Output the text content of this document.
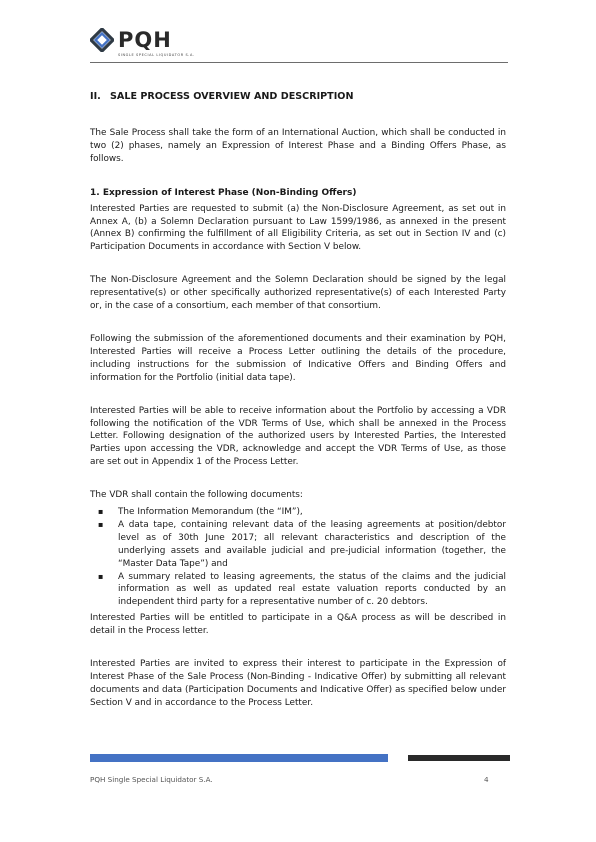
PQH
SINGLE SPECIAL LIQUIDATOR S.A.
II. SALE PROCESS OVERVIEW AND DESCRIPTION

The Sale Process shall take the form of an International Auction, which shall be conducted in two (2) phases, namely an Expression of Interest Phase and a Binding Offers Phase, as follows.

1. Expression of Interest Phase (Non-Binding Offers)

Interested Parties are requested to submit (a) the Non-Disclosure Agreement, as set out in Annex A, (b) a Solemn Declaration pursuant to Law 1599/1986, as annexed in the present (Annex B) confirming the fulfillment of all Eligibility Criteria, as set out in Section IV and (c) Participation Documents in accordance with Section V below.

The Non-Disclosure Agreement and the Solemn Declaration should be signed by the legal representative(s) or other specifically authorized representative(s) of each Interested Party or, in the case of a consortium, each member of that consortium.

Following the submission of the aforementioned documents and their examination by PQH, Interested Parties will receive a Process Letter outlining the details of the procedure, including instructions for the submission of Indicative Offers and Binding Offers and information for the Portfolio (initial data tape).

Interested Parties will be able to receive information about the Portfolio by accessing a VDR following the notification of the VDR Terms of Use, which shall be annexed in the Process Letter. Following designation of the authorized users by Interested Parties, the Interested Parties upon accessing the VDR, acknowledge and accept the VDR Terms of Use, as those are set out in Appendix 1 of the Process Letter.

The VDR shall contain the following documents:

▪ The Information Memorandum (the “IM”),
▪ A data tape, containing relevant data of the leasing agreements at position/debtor level as of 30th June 2017; all relevant characteristics and description of the underlying assets and available judicial and pre-judicial information (together, the “Master Data Tape”) and
▪ A summary related to leasing agreements, the status of the claims and the judicial information as well as updated real estate valuation reports conducted by an independent third party for a representative number of c. 20 debtors.

Interested Parties will be entitled to participate in a Q&A process as will be described in detail in the Process letter.

Interested Parties are invited to express their interest to participate in the Expression of Interest Phase of the Sale Process (Non-Binding - Indicative Offer) by submitting all relevant documents and data (Participation Documents and Indicative Offer) as specified below under Section V and in accordance to the Process Letter.

PQH Single Special Liquidator S.A.	4
